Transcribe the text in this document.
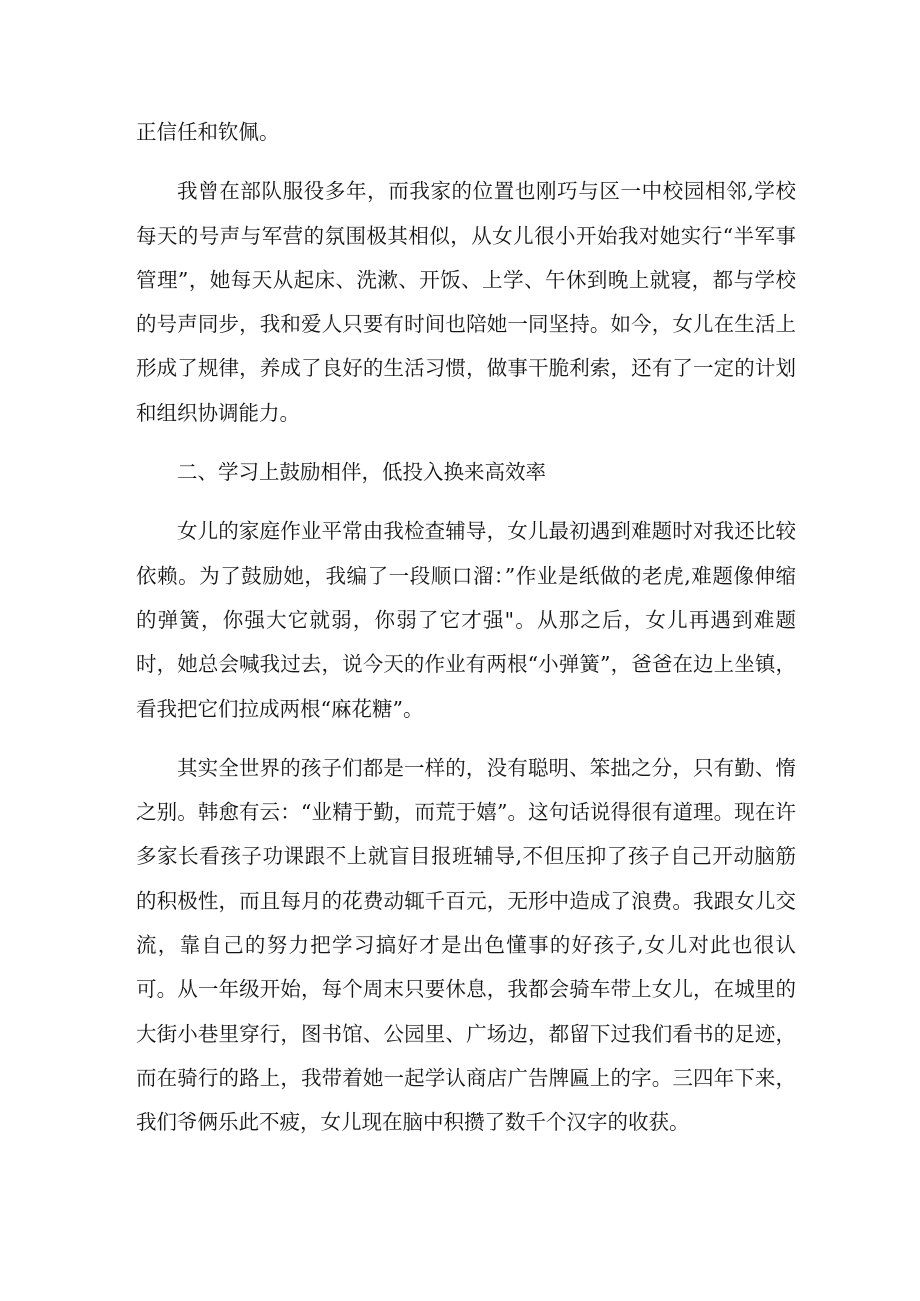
正信任和钦佩。

我曾在部队服役多年，而我家的位置也刚巧与区一中校园相邻,学校每天的号声与军营的氛围极其相似，从女儿很小开始我对她实行“半军事管理”，她每天从起床、洗漱、开饭、上学、午休到晚上就寝，都与学校的号声同步，我和爱人只要有时间也陪她一同坚持。如今，女儿在生活上形成了规律，养成了良好的生活习惯，做事干脆利索，还有了一定的计划和组织协调能力。

二、学习上鼓励相伴，低投入换来高效率

女儿的家庭作业平常由我检查辅导，女儿最初遇到难题时对我还比较依赖。为了鼓励她，我编了一段顺口溜：”作业是纸做的老虎,难题像伸缩的弹簧，你强大它就弱，你弱了它才强"。从那之后，女儿再遇到难题时，她总会喊我过去，说今天的作业有两根“小弹簧”，爸爸在边上坐镇，看我把它们拉成两根“麻花糖”。

其实全世界的孩子们都是一样的，没有聪明、笨拙之分，只有勤、惰之别。韩愈有云：“业精于勤，而荒于嬉”。这句话说得很有道理。现在许多家长看孩子功课跟不上就盲目报班辅导,不但压抑了孩子自己开动脑筋的积极性，而且每月的花费动辄千百元，无形中造成了浪费。我跟女儿交流，靠自己的努力把学习搞好才是出色懂事的好孩子,女儿对此也很认可。从一年级开始，每个周末只要休息，我都会骑车带上女儿，在城里的大街小巷里穿行，图书馆、公园里、广场边，都留下过我们看书的足迹，而在骑行的路上，我带着她一起学认商店广告牌匾上的字。三四年下来，我们爷俩乐此不疲，女儿现在脑中积攒了数千个汉字的收获。
